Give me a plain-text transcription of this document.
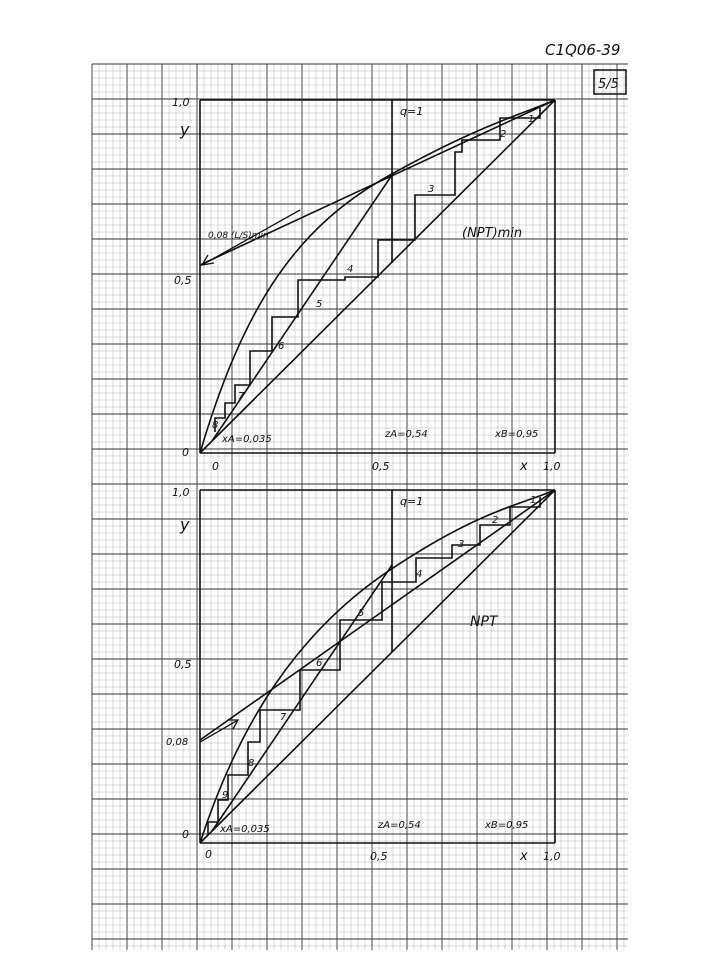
C1Q06-39
5/5
1,0
0,5
0
y
0	0,5	1,0
x
q=1
(NPT)min
0,08 (L/S)min
zA=0,54	xB=0,95
xA=0,035
1
2
3
4
5
6
7
8
1,0
0,5
0,08
0
y
0	0,5	1,0
x
q=1
NPT
zA=0,54	xB=0,95
xA=0,035
1
2
3
4
5
6
7
8
9
